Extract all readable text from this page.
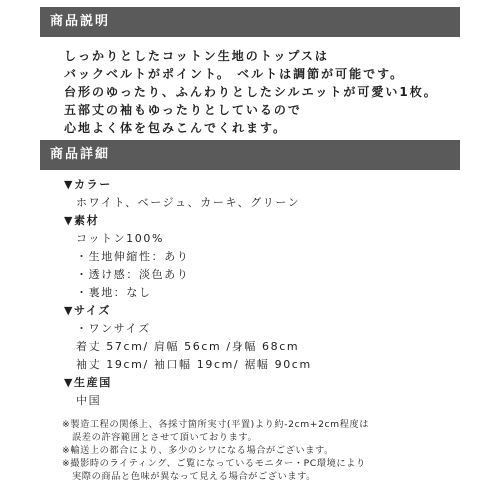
商品説明
しっかりとしたコットン生地のトップスは
バックベルトがポイント。 ベルトは調節が可能です。
台形のゆったり、ふんわりとしたシルエットが可愛い1枚。
五部丈の袖もゆったりとしているので
心地よく体を包みこんでくれます。
商品詳細
▼カラー
ホワイト、ベージュ、カーキ、グリーン
▼素材
コットン100%
・生地伸縮性：あり
・透け感：淡色あり
・裏地：なし
▼サイズ
・ワンサイズ
着丈 57cm/ 肩幅 56cm /身幅 68cm
袖丈 19cm/ 袖口幅 19cm/ 裾幅 90cm
▼生産国
中国
※製造工程の関係上、各採寸箇所実寸(平置)より約-2cm+2cm程度は
誤差の許容範囲とさせて頂いております。
※輸送上の都合により、多少のシワになる場合がございます。
※撮影時のライティング、ご覧になっているモニター・PC環境により
実際の商品と色味が異なって見える場合がございます。
